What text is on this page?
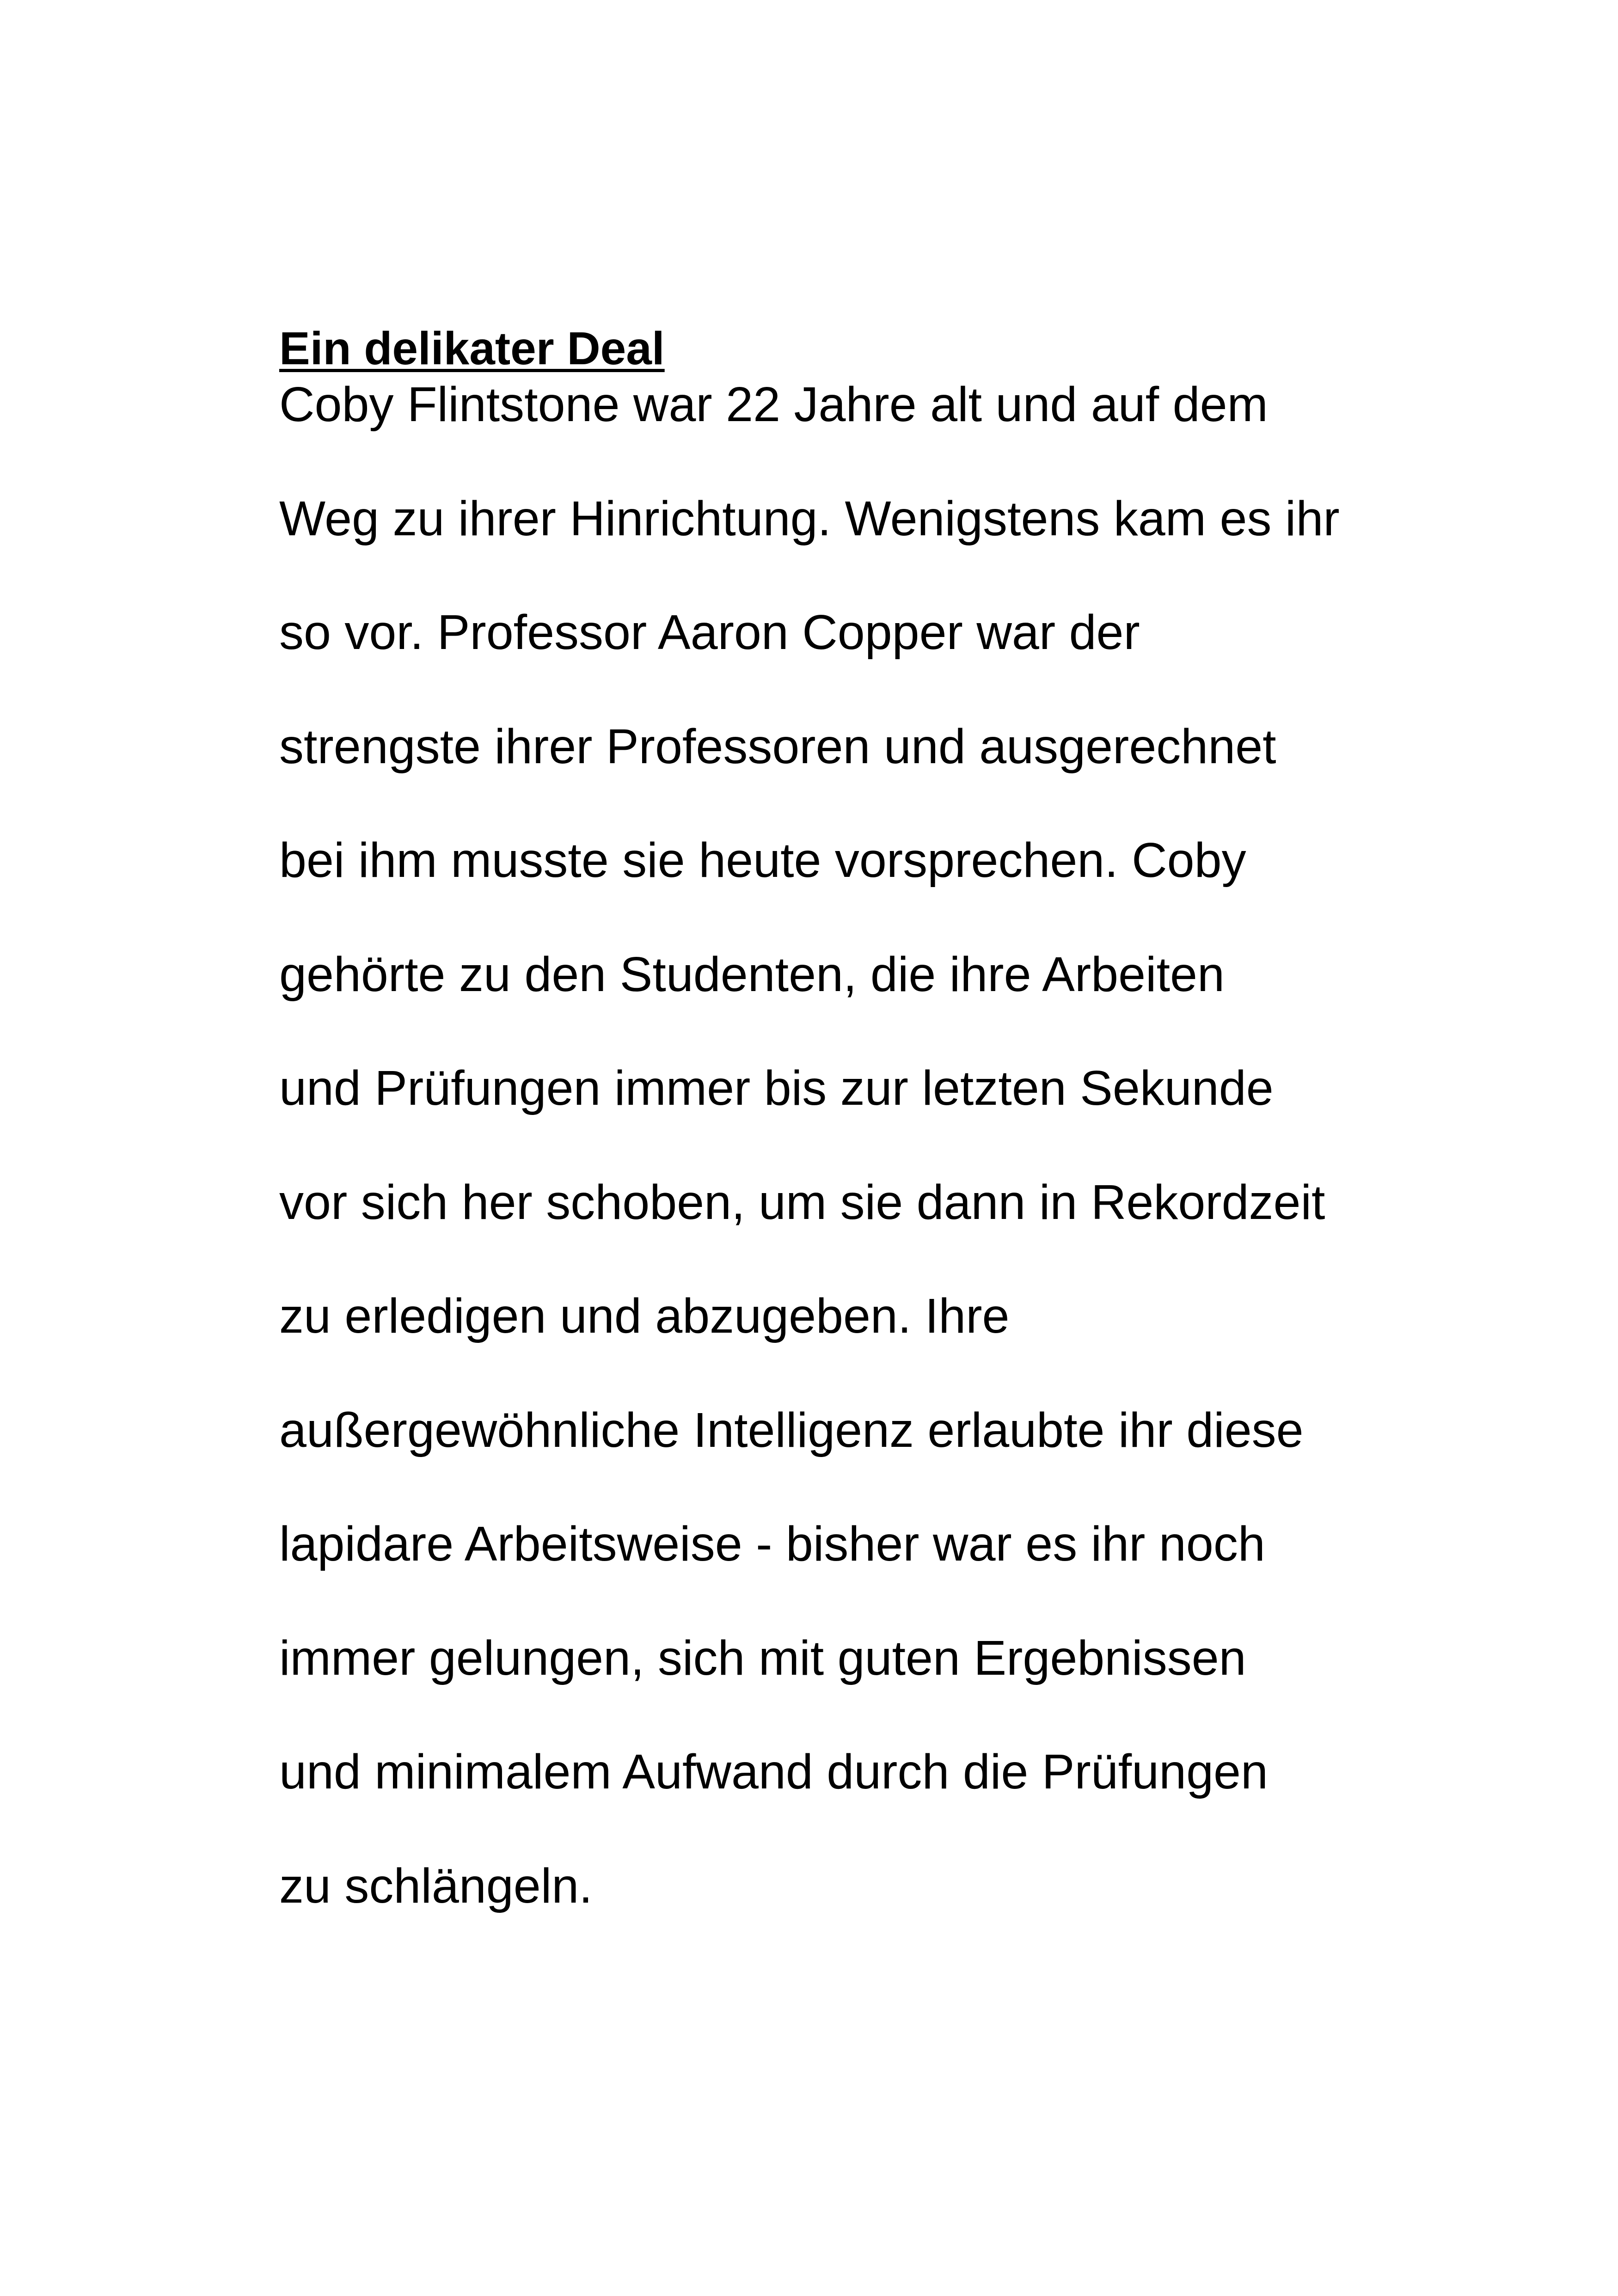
Ein delikater Deal
Coby Flintstone war 22 Jahre alt und auf dem
Weg zu ihrer Hinrichtung. Wenigstens kam es ihr
so vor. Professor Aaron Copper war der
strengste ihrer Professoren und ausgerechnet
bei ihm musste sie heute vorsprechen. Coby
gehörte zu den Studenten, die ihre Arbeiten
und Prüfungen immer bis zur letzten Sekunde
vor sich her schoben, um sie dann in Rekordzeit
zu erledigen und abzugeben. Ihre
außergewöhnliche Intelligenz erlaubte ihr diese
lapidare Arbeitsweise - bisher war es ihr noch
immer gelungen, sich mit guten Ergebnissen
und minimalem Aufwand durch die Prüfungen
zu schlängeln.
